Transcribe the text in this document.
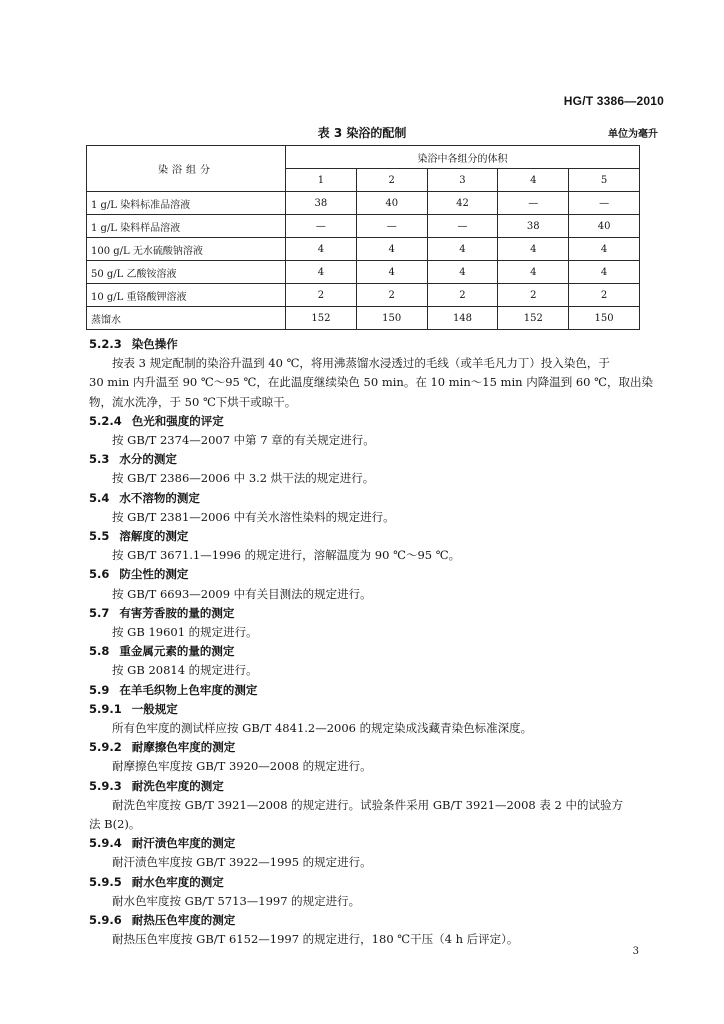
HG/T 3386—2010
表 3 染浴的配制	单位为毫升
染浴组分	染浴中各组分的体积				
	1	2	3	4	5
1 g/L 染料标准品溶液	38	40	42	—	—
1 g/L 染料样品溶液	—	—	—	38	40
100 g/L 无水硫酸钠溶液	4	4	4	4	4
50 g/L 乙酸铵溶液	4	4	4	4	4
10 g/L 重铬酸钾溶液	2	2	2	2	2
蒸馏水	152	150	148	152	150
5.2.3 染色操作
按表 3 规定配制的染浴升温到 40 ℃，将用沸蒸馏水浸透过的毛线（或羊毛凡力丁）投入染色，于
30 min 内升温至 90 ℃～95 ℃，在此温度继续染色 50 min。在 10 min～15 min 内降温到 60 ℃，取出染
物，流水洗净，于 50 ℃下烘干或晾干。
5.2.4 色光和强度的评定
按 GB/T 2374—2007 中第 7 章的有关规定进行。
5.3 水分的测定
按 GB/T 2386—2006 中 3.2 烘干法的规定进行。
5.4 水不溶物的测定
按 GB/T 2381—2006 中有关水溶性染料的规定进行。
5.5 溶解度的测定
按 GB/T 3671.1—1996 的规定进行，溶解温度为 90 ℃～95 ℃。
5.6 防尘性的测定
按 GB/T 6693—2009 中有关目测法的规定进行。
5.7 有害芳香胺的量的测定
按 GB 19601 的规定进行。
5.8 重金属元素的量的测定
按 GB 20814 的规定进行。
5.9 在羊毛织物上色牢度的测定
5.9.1 一般规定
所有色牢度的测试样应按 GB/T 4841.2—2006 的规定染成浅藏青染色标准深度。
5.9.2 耐摩擦色牢度的测定
耐摩擦色牢度按 GB/T 3920—2008 的规定进行。
5.9.3 耐洗色牢度的测定
耐洗色牢度按 GB/T 3921—2008 的规定进行。试验条件采用 GB/T 3921—2008 表 2 中的试验方
法 B(2)。
5.9.4 耐汗渍色牢度的测定
耐汗渍色牢度按 GB/T 3922—1995 的规定进行。
5.9.5 耐水色牢度的测定
耐水色牢度按 GB/T 5713—1997 的规定进行。
5.9.6 耐热压色牢度的测定
耐热压色牢度按 GB/T 6152—1997 的规定进行，180 ℃干压（4 h 后评定）。
3
